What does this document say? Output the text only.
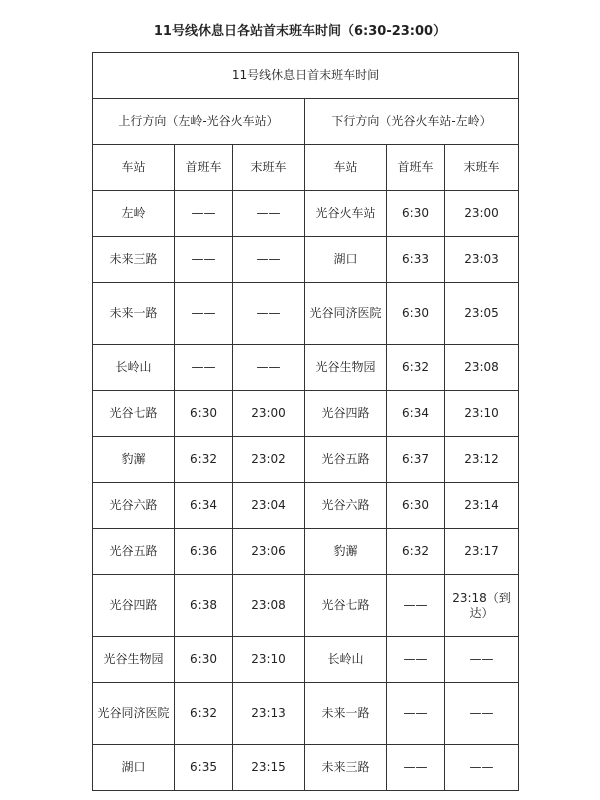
11号线休息日各站首末班车时间（6:30-23:00）
11号线休息日首末班车时间					
上行方向（左岭-光谷火车站）			下行方向（光谷火车站-左岭）		
车站	首班车	末班车	车站	首班车	末班车
左岭	——	——	光谷火车站	6:30	23:00
未来三路	——	——	湖口	6:33	23:03
未来一路	——	——	光谷同济医院	6:30	23:05
长岭山	——	——	光谷生物园	6:32	23:08
光谷七路	6:30	23:00	光谷四路	6:34	23:10
豹澥	6:32	23:02	光谷五路	6:37	23:12
光谷六路	6:34	23:04	光谷六路	6:30	23:14
光谷五路	6:36	23:06	豹澥	6:32	23:17
光谷四路	6:38	23:08	光谷七路	——	23:18（到达）
光谷生物园	6:30	23:10	长岭山	——	——
光谷同济医院	6:32	23:13	未来一路	——	——
湖口	6:35	23:15	未来三路	——	——
